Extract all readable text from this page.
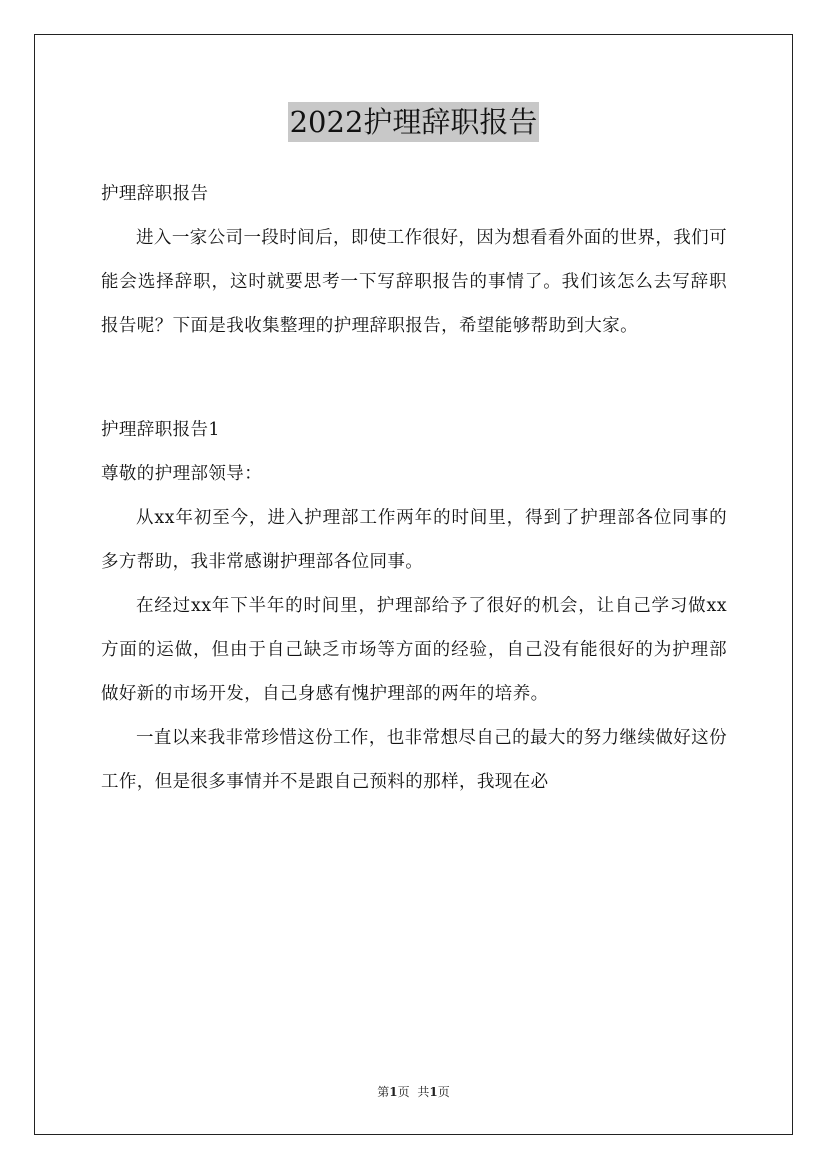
2022护理辞职报告

护理辞职报告

进入一家公司一段时间后，即使工作很好，因为想看看外面的世界，我们可能会选择辞职，这时就要思考一下写辞职报告的事情了。我们该怎么去写辞职报告呢？下面是我收集整理的护理辞职报告，希望能够帮助到大家。

护理辞职报告1

尊敬的护理部领导：

从xx年初至今，进入护理部工作两年的时间里，得到了护理部各位同事的多方帮助，我非常感谢护理部各位同事。

在经过xx年下半年的时间里，护理部给予了很好的机会，让自己学习做xx方面的运做，但由于自己缺乏市场等方面的经验，自己没有能很好的为护理部做好新的市场开发，自己身感有愧护理部的两年的培养。

一直以来我非常珍惜这份工作，也非常想尽自己的最大的努力继续做好这份工作，但是很多事情并不是跟自己预料的那样，我现在必

第1页 共1页
